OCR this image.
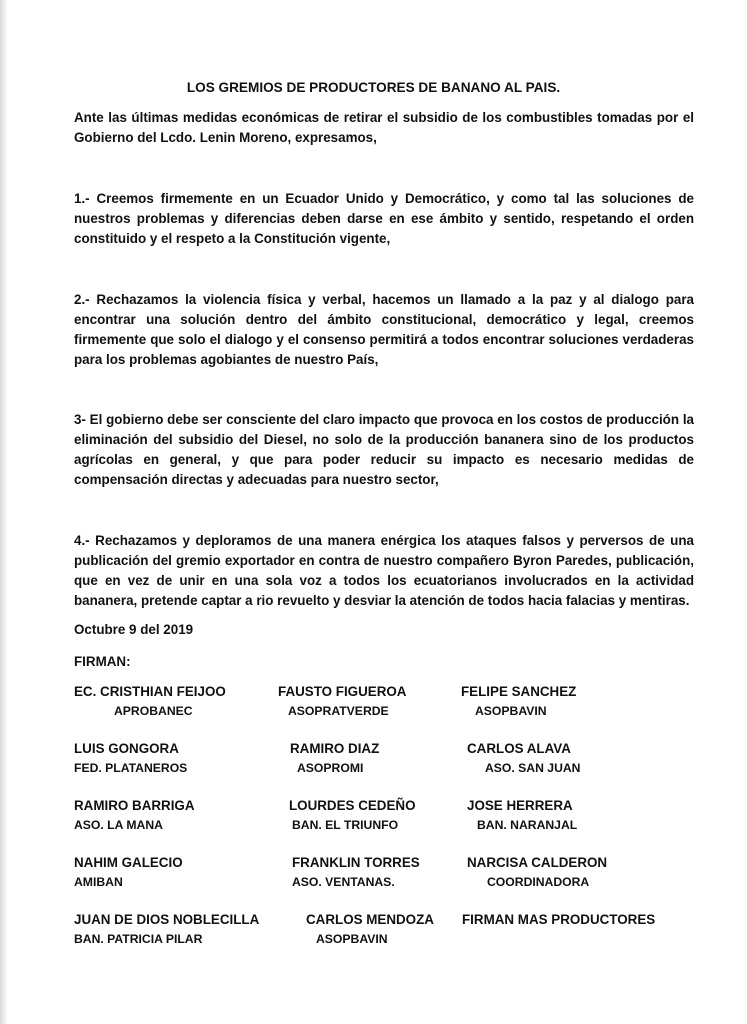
LOS GREMIOS DE PRODUCTORES DE BANANO AL PAIS.
Ante las últimas medidas económicas de retirar el subsidio de los combustibles tomadas por el Gobierno del Lcdo. Lenin Moreno, expresamos,
1.- Creemos firmemente en un Ecuador Unido y Democrático, y como tal las soluciones de nuestros problemas y diferencias deben darse en ese ámbito y sentido, respetando el orden constituido y el respeto a la Constitución vigente,
2.- Rechazamos la violencia física y verbal, hacemos un llamado a la paz y al dialogo para encontrar una solución dentro del ámbito constitucional, democrático y legal, creemos firmemente que solo el dialogo y el consenso permitirá a todos encontrar soluciones verdaderas para los problemas agobiantes de nuestro País,
3- El gobierno debe ser consciente del claro impacto que provoca en los costos de producción la eliminación del subsidio del Diesel, no solo de la producción bananera sino de los productos agrícolas en general, y que para poder reducir su impacto es necesario medidas de compensación directas y adecuadas para nuestro sector,
4.- Rechazamos y deploramos de una manera enérgica los ataques falsos y perversos de una publicación del gremio exportador en contra de nuestro compañero Byron Paredes, publicación, que en vez de unir en una sola voz a todos los ecuatorianos involucrados en la actividad bananera, pretende captar a rio revuelto y desviar la atención de todos hacia falacias y mentiras.
Octubre 9 del 2019
FIRMAN:
EC. CRISTHIAN FEIJOO
APROBANEC
FAUSTO FIGUEROA
ASOPRATVERDE
FELIPE SANCHEZ
ASOPBAVIN
LUIS GONGORA
FED. PLATANEROS
RAMIRO DIAZ
ASOPROMI
CARLOS ALAVA
ASO. SAN JUAN
RAMIRO BARRIGA
ASO. LA MANA
LOURDES CEDEÑO
BAN. EL TRIUNFO
JOSE HERRERA
BAN. NARANJAL
NAHIM GALECIO
AMIBAN
FRANKLIN TORRES
ASO. VENTANAS.
NARCISA CALDERON
COORDINADORA
JUAN DE DIOS NOBLECILLA
BAN. PATRICIA PILAR
CARLOS MENDOZA
ASOPBAVIN
FIRMAN MAS PRODUCTORES
